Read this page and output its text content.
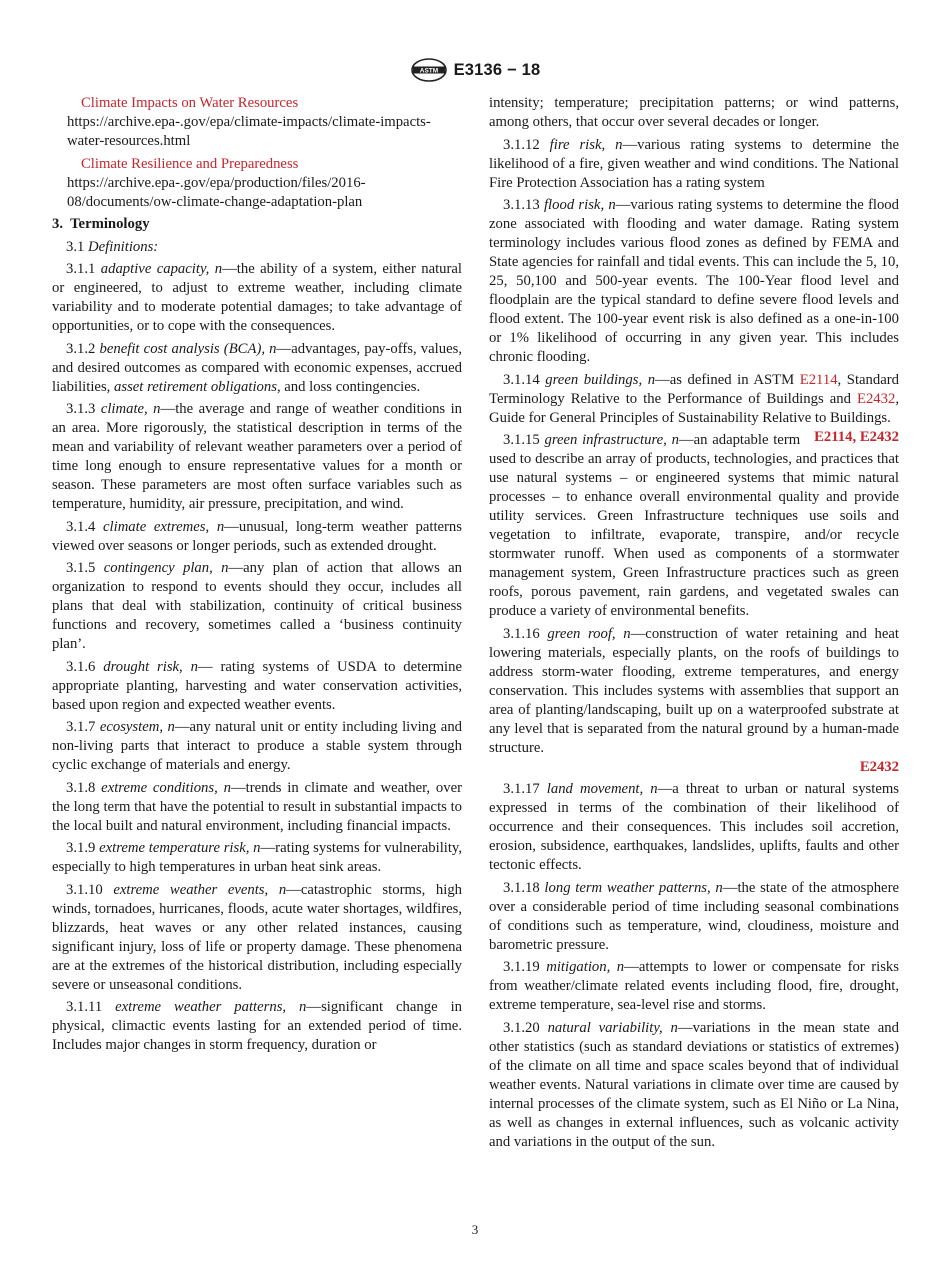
ASTM E3136 − 18

Climate Impacts on Water Resources https://archive.epa-.gov/epa/climate-impacts/climate-impacts-water-resources.html

Climate Resilience and Preparedness https://archive.epa-.gov/epa/production/files/2016-08/documents/ow-climate-change-adaptation-plan

3. Terminology

3.1 Definitions:

3.1.1 adaptive capacity, n—the ability of a system, either natural or engineered, to adjust to extreme weather, including climate variability and to moderate potential damages; to take advantage of opportunities, or to cope with the consequences.

3.1.2 benefit cost analysis (BCA), n—advantages, pay-offs, values, and desired outcomes as compared with economic expenses, accrued liabilities, asset retirement obligations, and loss contingencies.

3.1.3 climate, n—the average and range of weather conditions in an area. More rigorously, the statistical description in terms of the mean and variability of relevant weather parameters over a period of time long enough to ensure representative values for a month or season. These parameters are most often surface variables such as temperature, humidity, air pressure, precipitation, and wind.

3.1.4 climate extremes, n—unusual, long-term weather patterns viewed over seasons or longer periods, such as extended drought.

3.1.5 contingency plan, n—any plan of action that allows an organization to respond to events should they occur, includes all plans that deal with stabilization, continuity of critical business functions and recovery, sometimes called a ‘business continuity plan’.

3.1.6 drought risk, n— rating systems of USDA to determine appropriate planting, harvesting and water conservation activities, based upon region and expected weather events.

3.1.7 ecosystem, n—any natural unit or entity including living and non-living parts that interact to produce a stable system through cyclic exchange of materials and energy.

3.1.8 extreme conditions, n—trends in climate and weather, over the long term that have the potential to result in substantial impacts to the local built and natural environment, including financial impacts.

3.1.9 extreme temperature risk, n—rating systems for vulnerability, especially to high temperatures in urban heat sink areas.

3.1.10 extreme weather events, n—catastrophic storms, high winds, tornadoes, hurricanes, floods, acute water shortages, wildfires, blizzards, heat waves or any other related instances, causing significant injury, loss of life or property damage. These phenomena are at the extremes of the historical distribution, including especially severe or unseasonal conditions.

3.1.11 extreme weather patterns, n—significant change in physical, climactic events lasting for an extended period of time. Includes major changes in storm frequency, duration or

intensity; temperature; precipitation patterns; or wind patterns, among others, that occur over several decades or longer.

3.1.12 fire risk, n—various rating systems to determine the likelihood of a fire, given weather and wind conditions. The National Fire Protection Association has a rating system

3.1.13 flood risk, n—various rating systems to determine the flood zone associated with flooding and water damage. Rating system terminology includes various flood zones as defined by FEMA and State agencies for rainfall and tidal events. This can include the 5, 10, 25, 50,100 and 500-year events. The 100-Year flood level and floodplain are the typical standard to define severe flood levels and flood extent. The 100-year event risk is also defined as a one-in-100 or 1% likelihood of occurring in any given year. This includes chronic flooding.

3.1.14 green buildings, n—as defined in ASTM E2114, Standard Terminology Relative to the Performance of Buildings and E2432, Guide for General Principles of Sustainability Relative to Buildings.
E2114, E2432

3.1.15 green infrastructure, n—an adaptable term used to describe an array of products, technologies, and practices that use natural systems – or engineered systems that mimic natural processes – to enhance overall environmental quality and provide utility services. Green Infrastructure techniques use soils and vegetation to infiltrate, evaporate, transpire, and/or recycle stormwater runoff. When used as components of a stormwater management system, Green Infrastructure practices such as green roofs, porous pavement, rain gardens, and vegetated swales can produce a variety of environmental benefits.

3.1.16 green roof, n—construction of water retaining and heat lowering materials, especially plants, on the roofs of buildings to address storm-water flooding, extreme temperatures, and energy conservation. This includes systems with assemblies that support an area of planting/landscaping, built up on a waterproofed substrate at any level that is separated from the natural ground by a human-made structure.
E2432

3.1.17 land movement, n—a threat to urban or natural systems expressed in terms of the combination of their likelihood of occurrence and their consequences. This includes soil accretion, erosion, subsidence, earthquakes, landslides, uplifts, faults and other tectonic effects.

3.1.18 long term weather patterns, n—the state of the atmosphere over a considerable period of time including seasonal combinations of conditions such as temperature, wind, cloudiness, moisture and barometric pressure.

3.1.19 mitigation, n—attempts to lower or compensate for risks from weather/climate related events including flood, fire, drought, extreme temperature, sea-level rise and storms.

3.1.20 natural variability, n—variations in the mean state and other statistics (such as standard deviations or statistics of extremes) of the climate on all time and space scales beyond that of individual weather events. Natural variations in climate over time are caused by internal processes of the climate system, such as El Niño or La Nina, as well as changes in external influences, such as volcanic activity and variations in the output of the sun.

3
